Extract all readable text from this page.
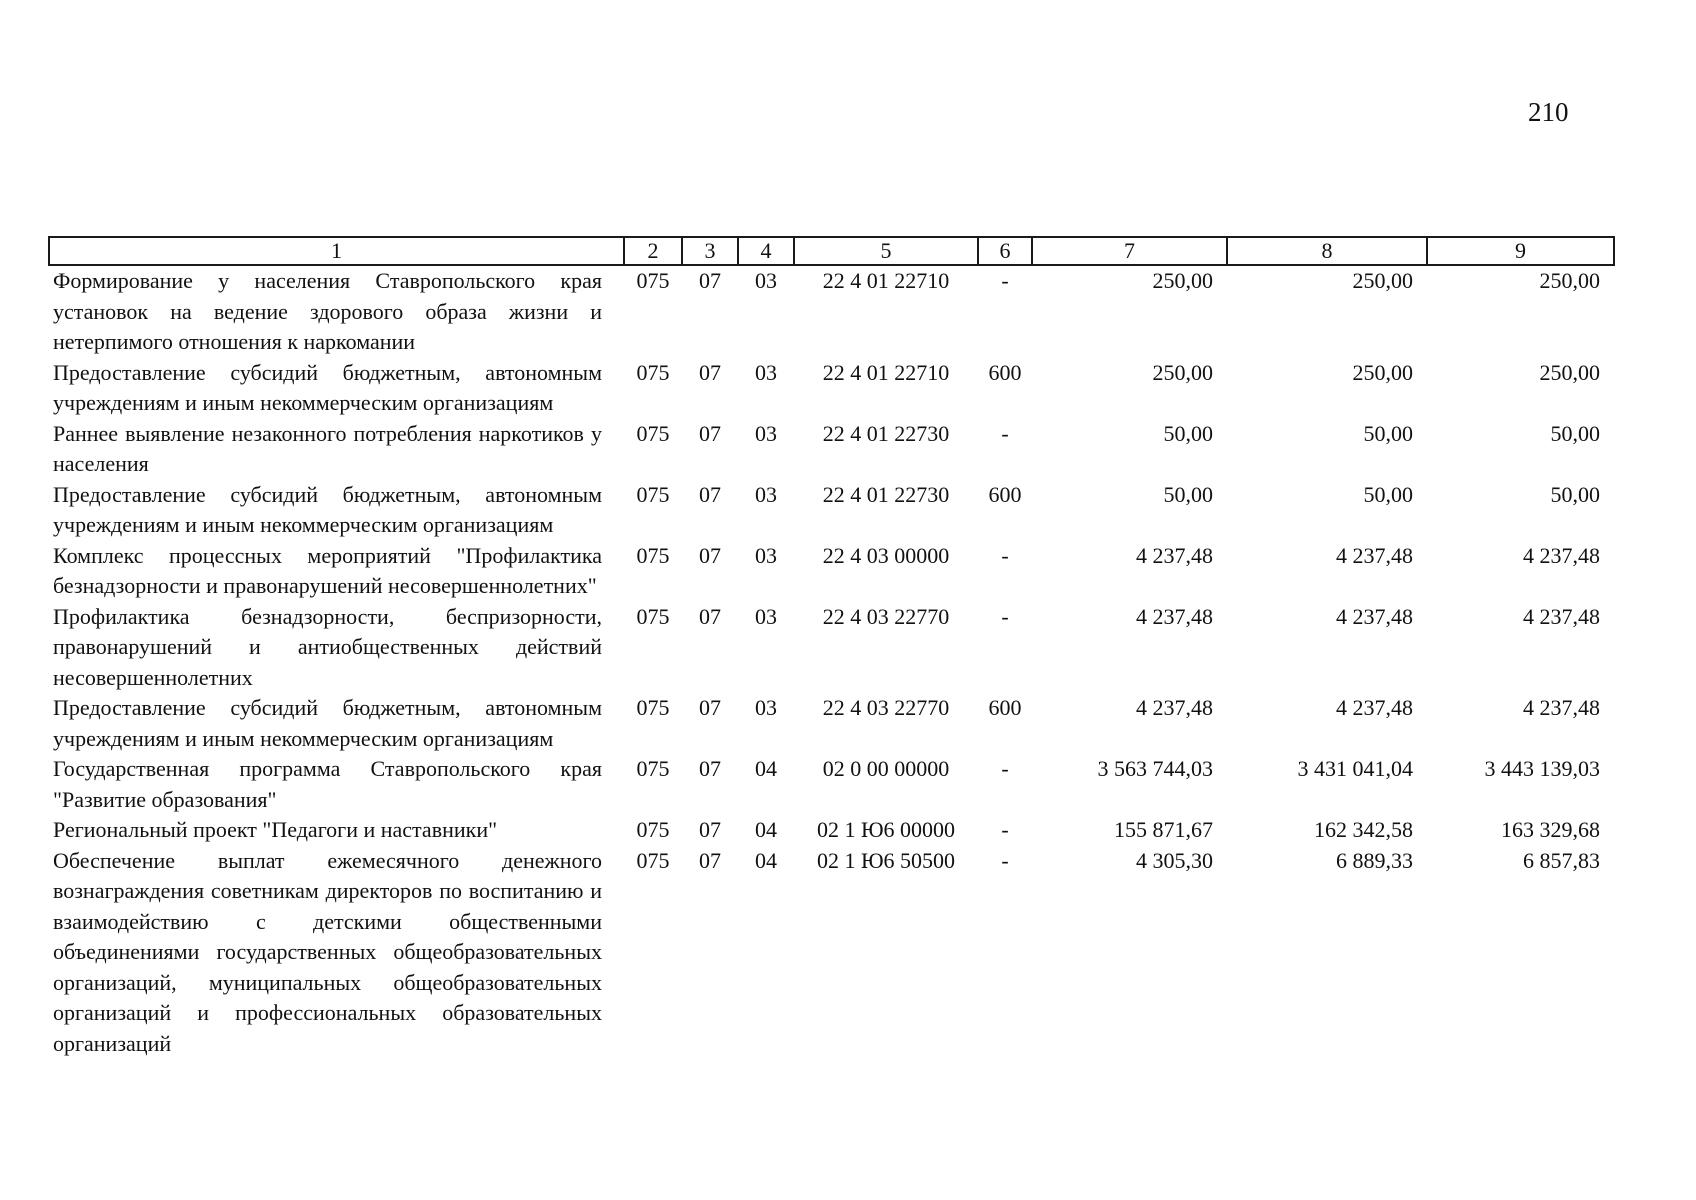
210
1	2	3	4	5	6	7	8	9
Формирование у населения Ставропольского края установок на ведение здорового образа жизни и нетерпимого отношения к наркомании	075	07	03	22 4 01 22710	-	250,00	250,00	250,00
Предоставление субсидий бюджетным, автономным учреждениям и иным некоммерческим организациям	075	07	03	22 4 01 22710	600	250,00	250,00	250,00
Раннее выявление незаконного потребления наркотиков у населения	075	07	03	22 4 01 22730	-	50,00	50,00	50,00
Предоставление субсидий бюджетным, автономным учреждениям и иным некоммерческим организациям	075	07	03	22 4 01 22730	600	50,00	50,00	50,00
Комплекс процессных мероприятий "Профилактика безнадзорности и правонарушений несовершеннолетних"	075	07	03	22 4 03 00000	-	4 237,48	4 237,48	4 237,48
Профилактика безнадзорности, беспризорности, правонарушений и антиобщественных действий несовершеннолетних	075	07	03	22 4 03 22770	-	4 237,48	4 237,48	4 237,48
Предоставление субсидий бюджетным, автономным учреждениям и иным некоммерческим организациям	075	07	03	22 4 03 22770	600	4 237,48	4 237,48	4 237,48
Государственная программа Ставропольского края "Развитие образования"	075	07	04	02 0 00 00000	-	3 563 744,03	3 431 041,04	3 443 139,03
Региональный проект "Педагоги и наставники"	075	07	04	02 1 Ю6 00000	-	155 871,67	162 342,58	163 329,68
Обеспечение выплат ежемесячного денежного вознаграждения советникам директоров по воспитанию и взаимодействию с детскими общественными объединениями государственных общеобразовательных организаций, муниципальных общеобразовательных организаций и профессиональных образовательных организаций	075	07	04	02 1 Ю6 50500	-	4 305,30	6 889,33	6 857,83
